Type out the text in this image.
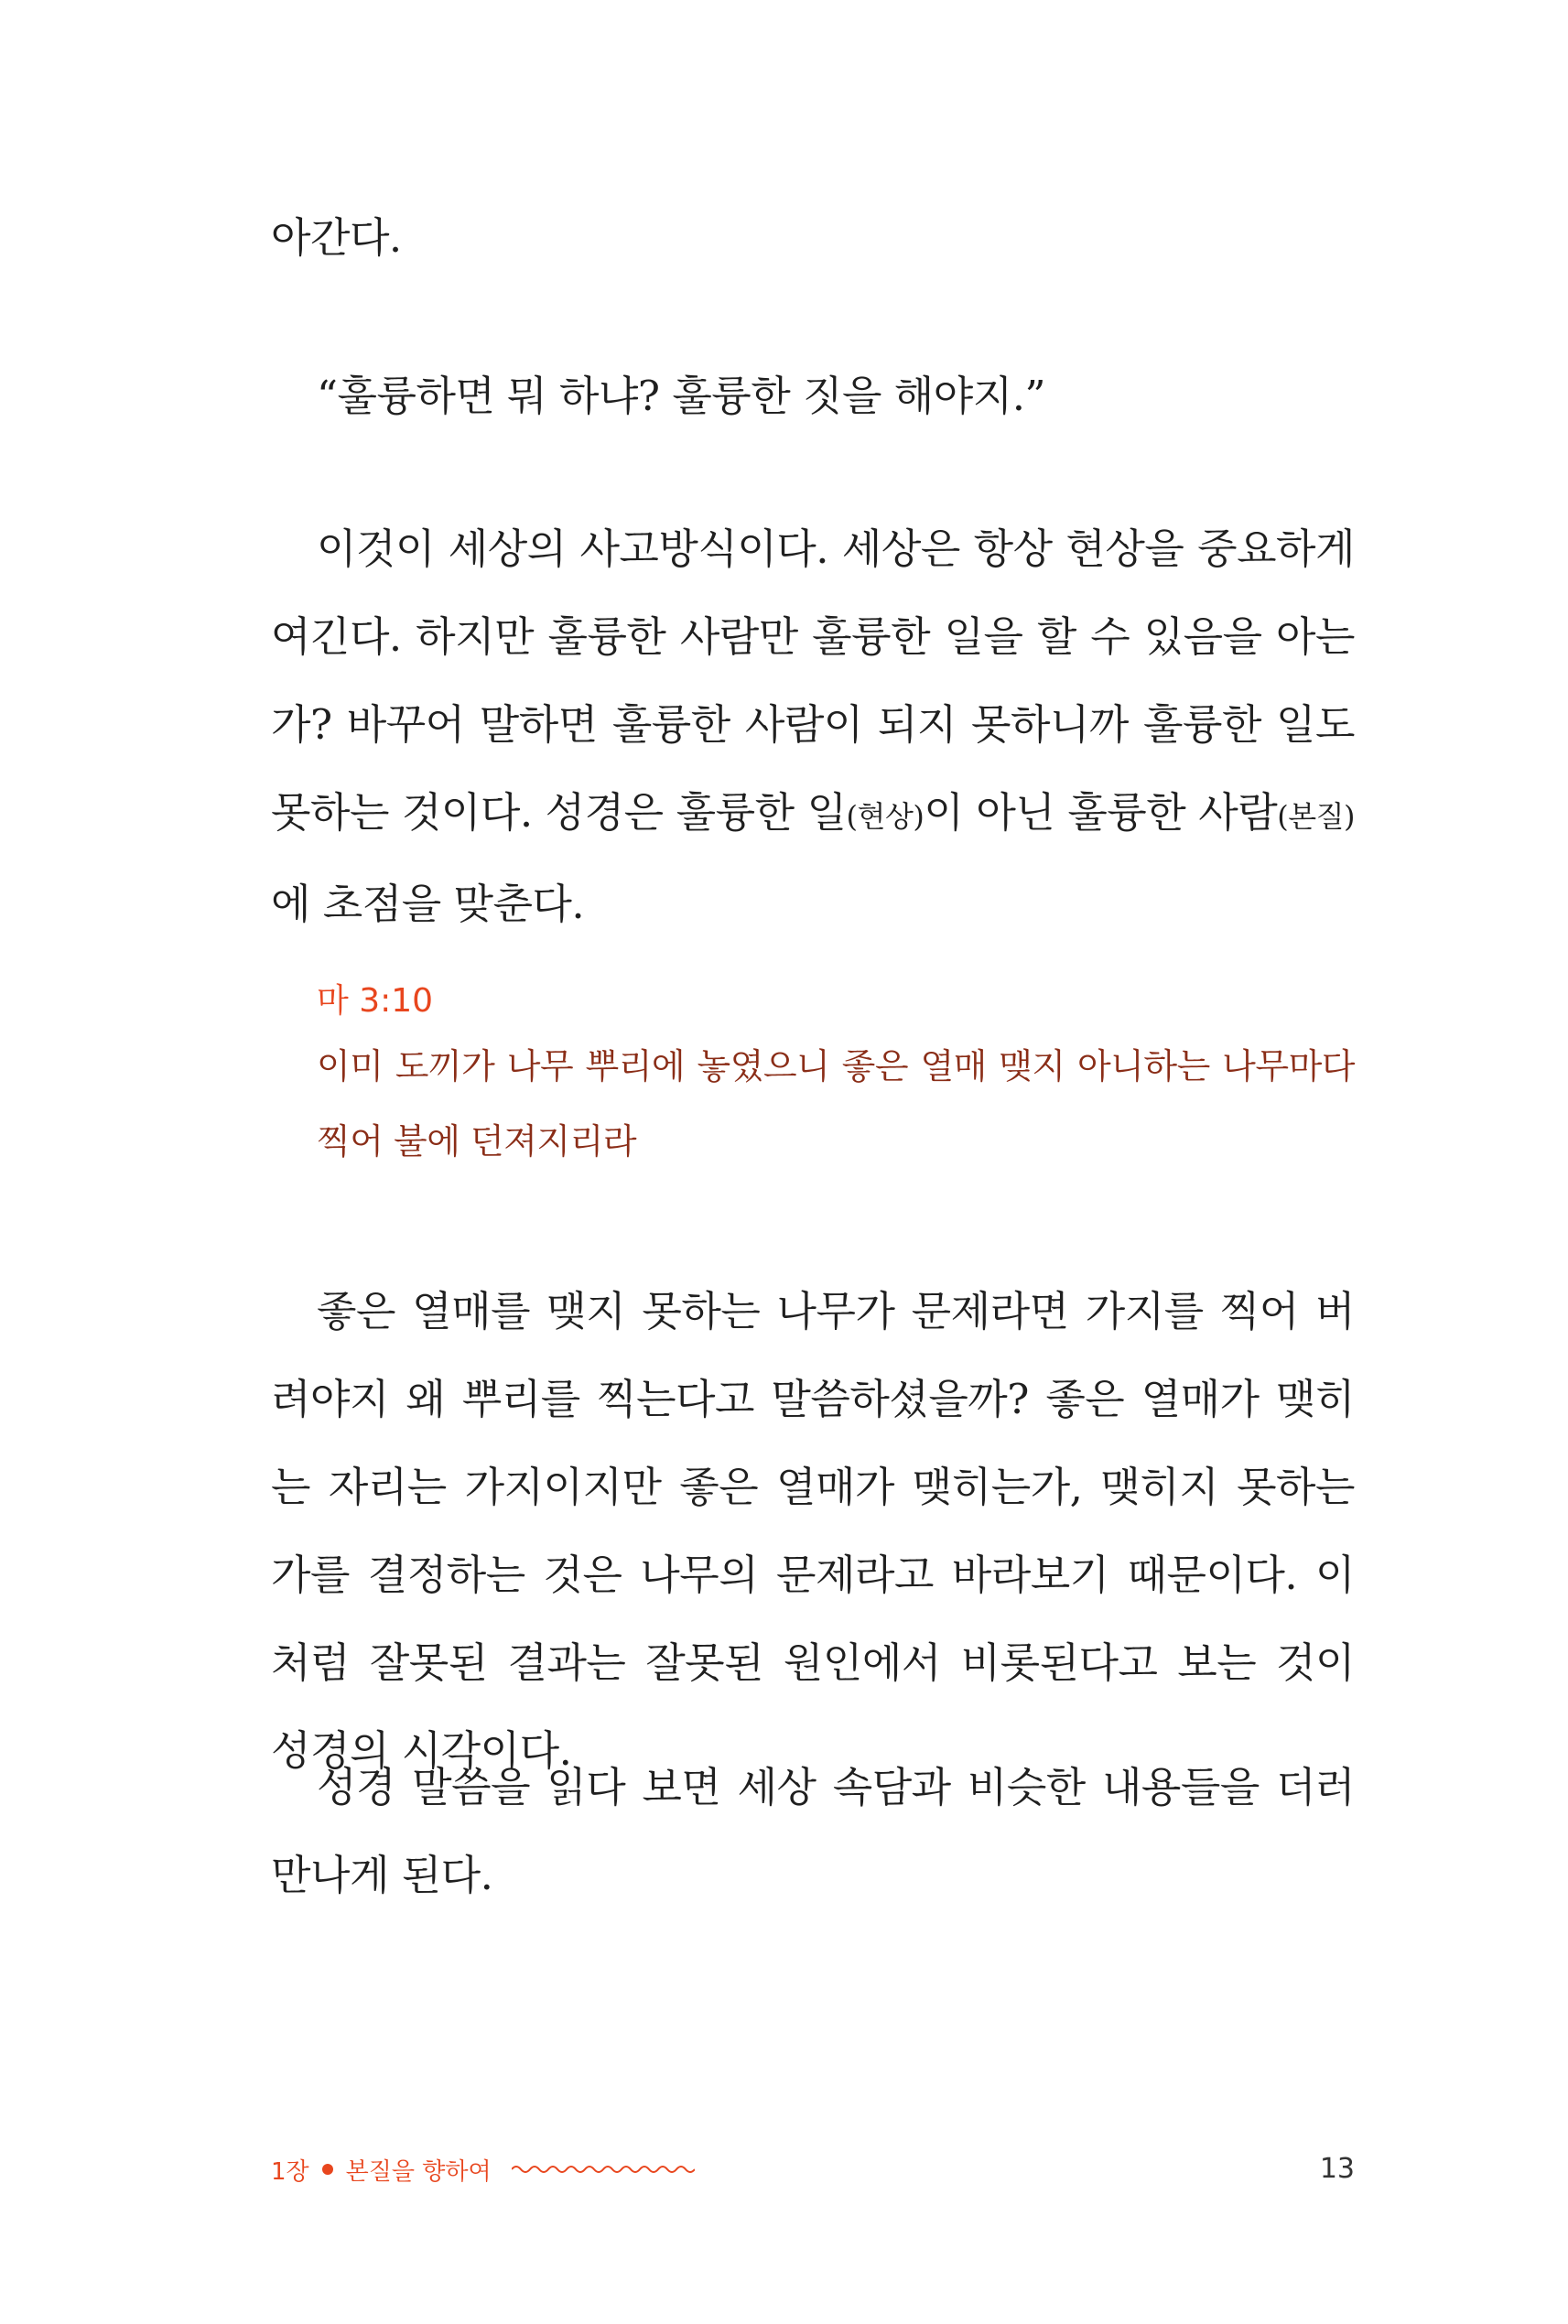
아간다.

“훌륭하면 뭐 하냐? 훌륭한 짓을 해야지.”

이것이 세상의 사고방식이다. 세상은 항상 현상을 중요하게 여긴다. 하지만 훌륭한 사람만 훌륭한 일을 할 수 있음을 아는가? 바꾸어 말하면 훌륭한 사람이 되지 못하니까 훌륭한 일도 못하는 것이다. 성경은 훌륭한 일(현상)이 아닌 훌륭한 사람(본질)에 초점을 맞춘다.

마 3:10

이미 도끼가 나무 뿌리에 놓였으니 좋은 열매 맺지 아니하는 나무마다 찍어 불에 던져지리라

좋은 열매를 맺지 못하는 나무가 문제라면 가지를 찍어 버려야지 왜 뿌리를 찍는다고 말씀하셨을까? 좋은 열매가 맺히는 자리는 가지이지만 좋은 열매가 맺히는가, 맺히지 못하는가를 결정하는 것은 나무의 문제라고 바라보기 때문이다. 이처럼 잘못된 결과는 잘못된 원인에서 비롯된다고 보는 것이 성경의 시각이다.

성경 말씀을 읽다 보면 세상 속담과 비슷한 내용들을 더러 만나게 된다.

1장 본질을 향하여	13
